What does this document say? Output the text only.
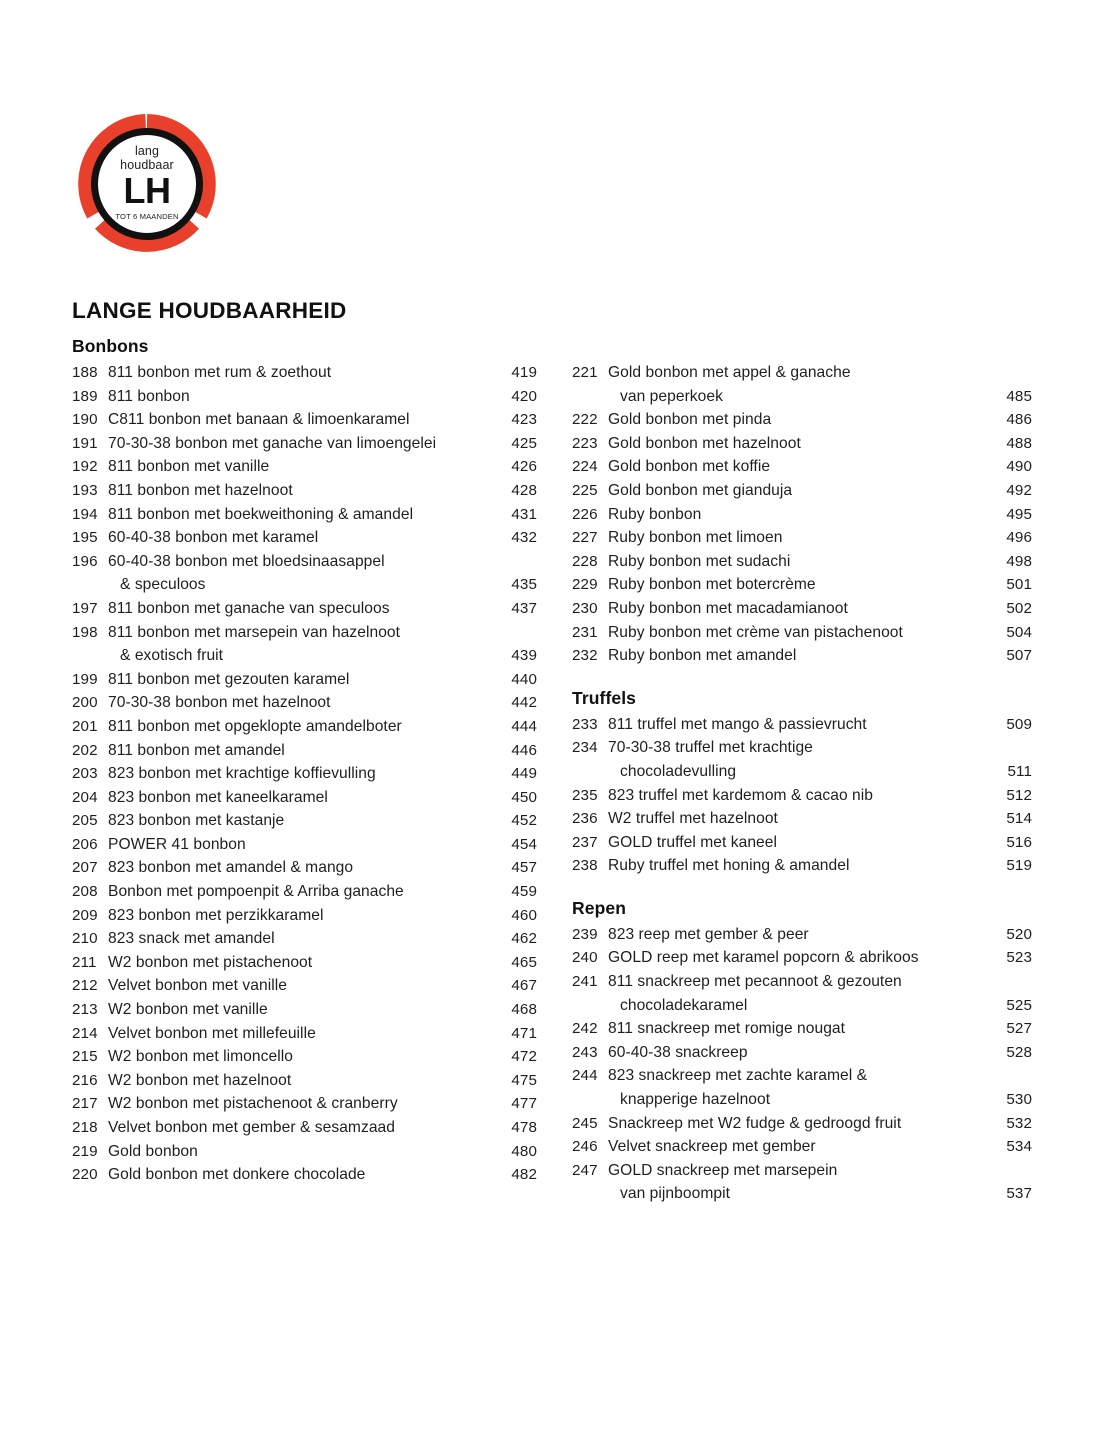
lang
houdbaar
LH
TOT 6 MAANDEN
LANGE HOUDBAARHEID
Bonbons
188 811 bonbon met rum & zoethout	419
189 811 bonbon	420
190 C811 bonbon met banaan & limoenkaramel	423
191 70-30-38 bonbon met ganache van limoengelei	425
192 811 bonbon met vanille	426
193 811 bonbon met hazelnoot	428
194 811 bonbon met boekweithoning & amandel	431
195 60-40-38 bonbon met karamel	432
196 60-40-38 bonbon met bloedsinaasappel
& speculoos	435
197 811 bonbon met ganache van speculoos	437
198 811 bonbon met marsepein van hazelnoot
& exotisch fruit	439
199 811 bonbon met gezouten karamel	440
200 70-30-38 bonbon met hazelnoot	442
201 811 bonbon met opgeklopte amandelboter	444
202 811 bonbon met amandel	446
203 823 bonbon met krachtige koffievulling	449
204 823 bonbon met kaneelkaramel	450
205 823 bonbon met kastanje	452
206 POWER 41 bonbon	454
207 823 bonbon met amandel & mango	457
208 Bonbon met pompoenpit & Arriba ganache	459
209 823 bonbon met perzikkaramel	460
210 823 snack met amandel	462
211 W2 bonbon met pistachenoot	465
212 Velvet bonbon met vanille	467
213 W2 bonbon met vanille	468
214 Velvet bonbon met millefeuille	471
215 W2 bonbon met limoncello	472
216 W2 bonbon met hazelnoot	475
217 W2 bonbon met pistachenoot & cranberry	477
218 Velvet bonbon met gember & sesamzaad	478
219 Gold bonbon	480
220 Gold bonbon met donkere chocolade	482
221 Gold bonbon met appel & ganache
van peperkoek	485
222 Gold bonbon met pinda	486
223 Gold bonbon met hazelnoot	488
224 Gold bonbon met koffie	490
225 Gold bonbon met gianduja	492
226 Ruby bonbon	495
227 Ruby bonbon met limoen	496
228 Ruby bonbon met sudachi	498
229 Ruby bonbon met botercrème	501
230 Ruby bonbon met macadamianoot	502
231 Ruby bonbon met crème van pistachenoot	504
232 Ruby bonbon met amandel	507
Truffels
233 811 truffel met mango & passievrucht	509
234 70-30-38 truffel met krachtige
chocoladevulling	511
235 823 truffel met kardemom & cacao nib	512
236 W2 truffel met hazelnoot	514
237 GOLD truffel met kaneel	516
238 Ruby truffel met honing & amandel	519
Repen
239 823 reep met gember & peer	520
240 GOLD reep met karamel popcorn & abrikoos	523
241 811 snackreep met pecannoot & gezouten
chocoladekaramel	525
242 811 snackreep met romige nougat	527
243 60-40-38 snackreep	528
244 823 snackreep met zachte karamel &
knapperige hazelnoot	530
245 Snackreep met W2 fudge & gedroogd fruit	532
246 Velvet snackreep met gember	534
247 GOLD snackreep met marsepein
van pijnboompit	537
